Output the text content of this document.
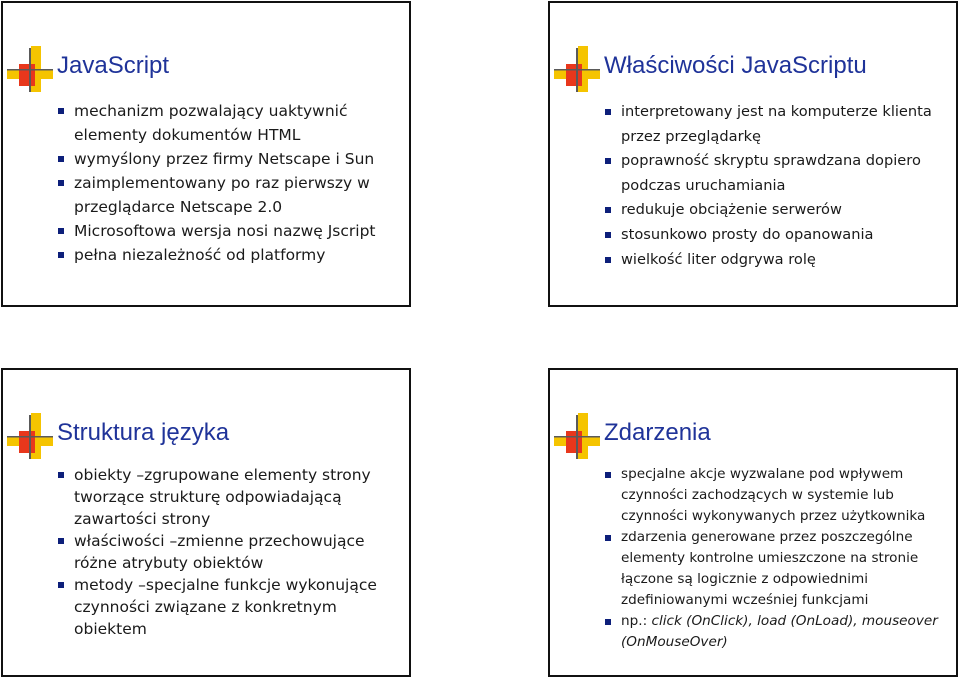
JavaScript
mechanizm pozwalający uaktywnić elementy dokumentów HTML
wymyślony przez firmy Netscape i Sun
zaimplementowany po raz pierwszy w przeglądarce Netscape 2.0
Microsoftowa wersja nosi nazwę Jscript
pełna niezależność od platformy
Właściwości JavaScriptu
interpretowany jest na komputerze klienta przez przeglądarkę
poprawność skryptu sprawdzana dopiero podczas uruchamiania
redukuje obciążenie serwerów
stosunkowo prosty do opanowania
wielkość liter odgrywa rolę
Struktura języka
obiekty –zgrupowane elementy strony tworzące strukturę odpowiadającą zawartości strony
właściwości –zmienne przechowujące różne atrybuty obiektów
metody –specjalne funkcje wykonujące czynności związane z konkretnym obiektem
Zdarzenia
specjalne akcje wyzwalane pod wpływem czynności zachodzących w systemie lub czynności wykonywanych przez użytkownika
zdarzenia generowane przez poszczególne elementy kontrolne umieszczone na stronie łączone są logicznie z odpowiednimi zdefiniowanymi wcześniej funkcjami
np.: click (OnClick), load (OnLoad), mouseover (OnMouseOver)
